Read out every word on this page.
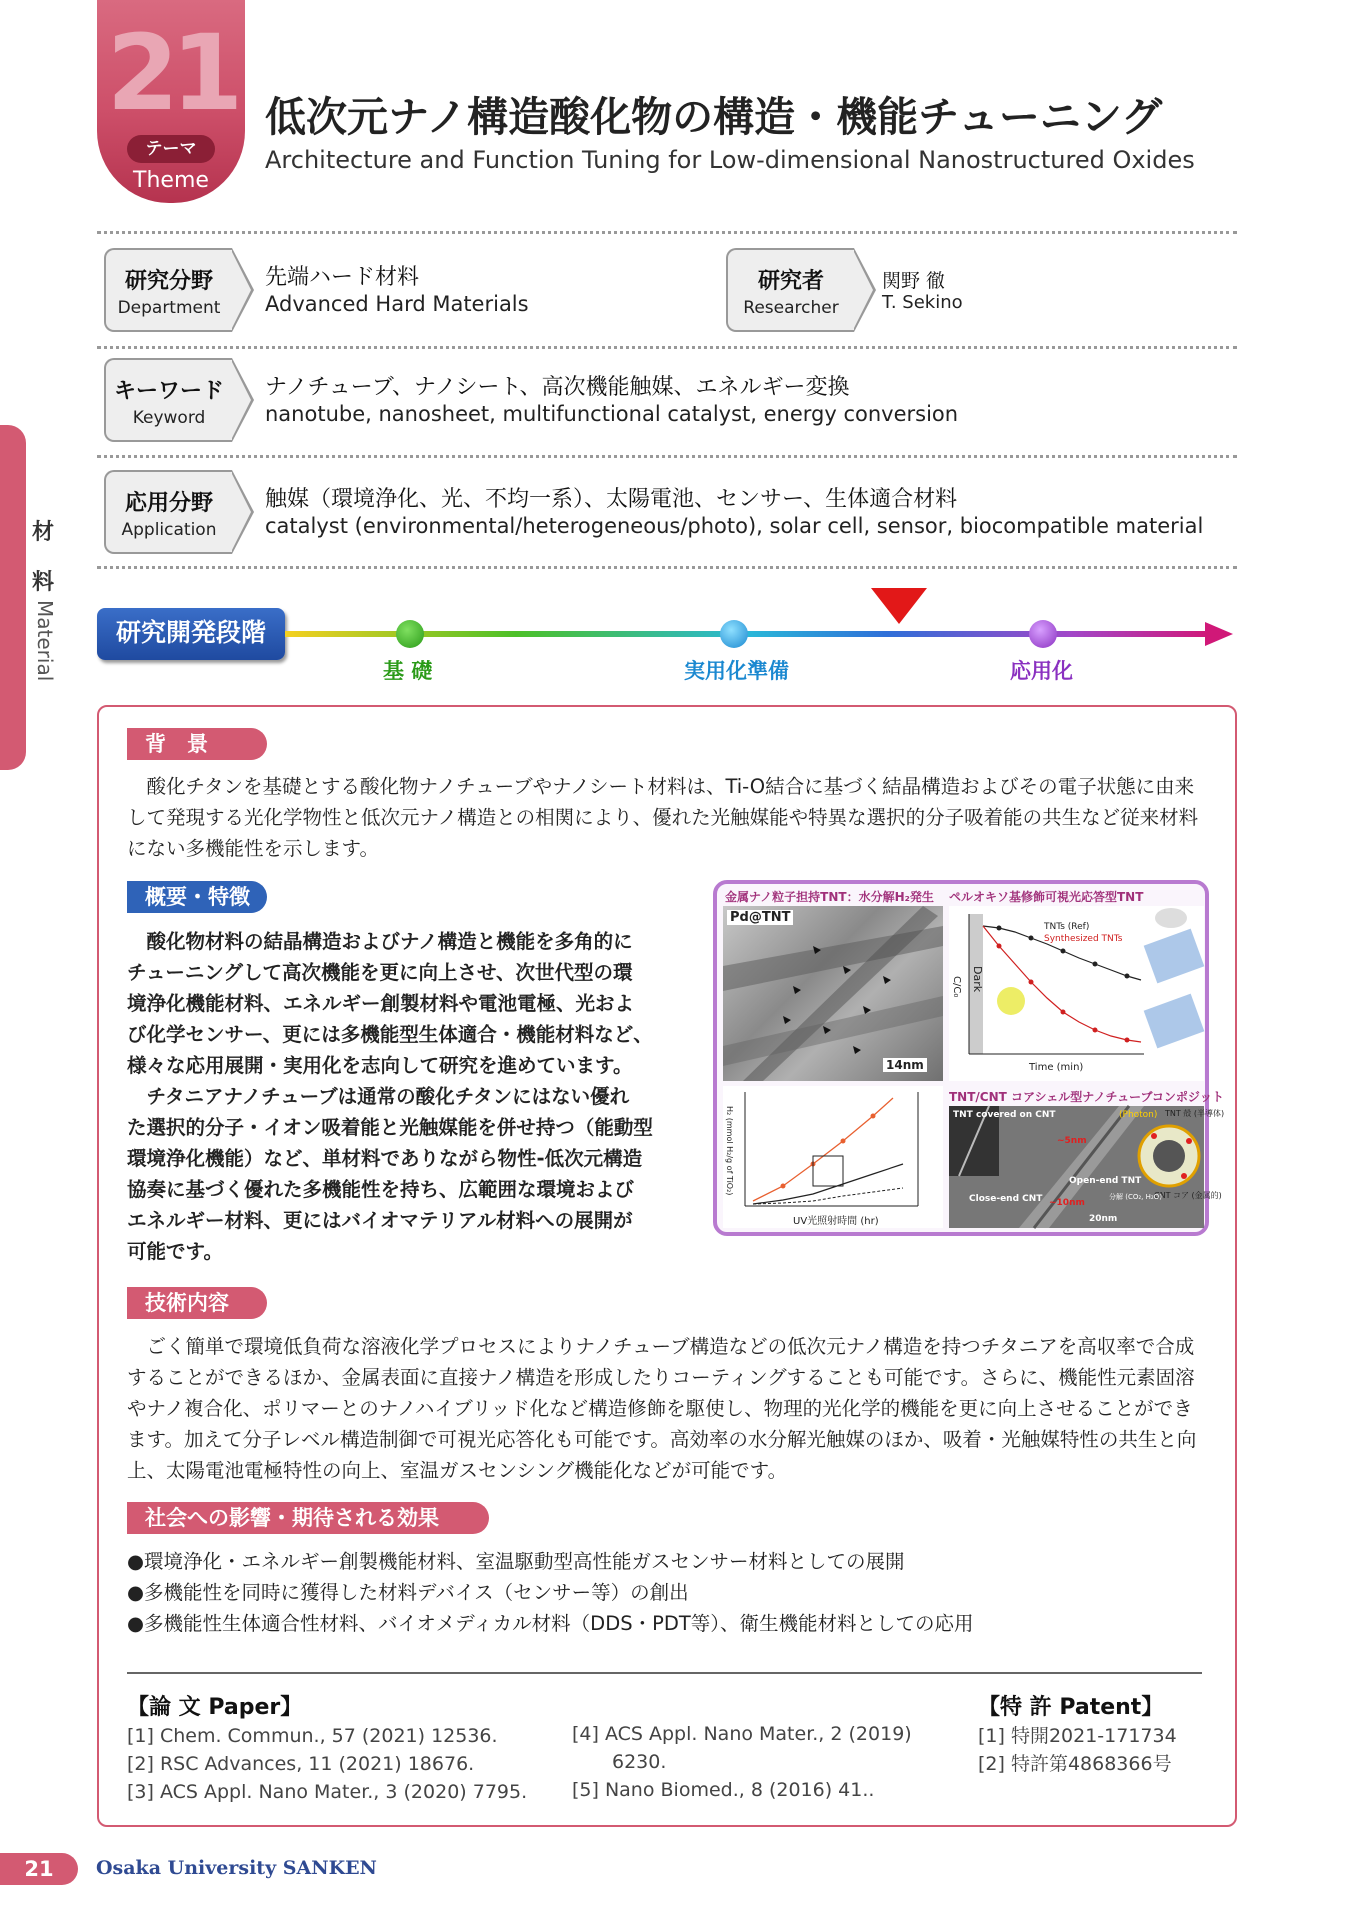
21
テーマ
Theme
低次元ナノ構造酸化物の構造・機能チューニング
Architecture and Function Tuning for Low-dimensional Nanostructured Oxides
研究分野
Department
先端ハード材料
Advanced Hard Materials
研究者
Researcher
関野 徹
T. Sekino
キーワード
Keyword
ナノチューブ、ナノシート、高次機能触媒、エネルギー変換
nanotube, nanosheet, multifunctional catalyst, energy conversion
応用分野
Application
触媒（環境浄化、光、不均一系）、太陽電池、センサー、生体適合材料
catalyst (environmental/heterogeneous/photo), solar cell, sensor, biocompatible material
材
料
Material	研究開発段階
基 礎	実用化準備	応用化
背　景
　酸化チタンを基礎とする酸化物ナノチューブやナノシート材料は、Ti-O結合に基づく結晶構造およびその電子状態に由来して発現する光化学物性と低次元ナノ構造との相関により、優れた光触媒能や特異な選択的分子吸着能の共生など従来材料にない多機能性を示します。
概要・特徴
　酸化物材料の結晶構造およびナノ構造と機能を多角的に
チューニングして高次機能を更に向上させ、次世代型の環
境浄化機能材料、エネルギー創製材料や電池電極、光およ
び化学センサー、更には多機能型生体適合・機能材料など、
様々な応用展開・実用化を志向して研究を進めています。
　チタニアナノチューブは通常の酸化チタンにはない優れ
た選択的分子・イオン吸着能と光触媒能を併せ持つ（能動型
環境浄化機能）など、単材料でありながら物性-低次元構造
協奏に基づく優れた多機能性を持ち、広範囲な環境および
エネルギー材料、更にはバイオマテリアル材料への展開が
可能です。
金属ナノ粒子担持TNT：水分解H₂発生
Pd@TNT
14nm
ペルオキソ基修飾可視光応答型TNT
TNTs (Ref)
Synthesized TNTs
Dark
C/C₀
Time (min)
H₂ (mmol H₂/g of TiO₂)
UV光照射時間 (hr)
TNT/CNT コアシェル型ナノチューブコンポジット
TNT covered on CNT
Open-end TNT
Close-end CNT
~5nm
~10nm
20nm
(Photon) TNT 殻 (半導体)
CNT コア (金属的)
分解 (CO₂, H₂O)
技術内容
　ごく簡単で環境低負荷な溶液化学プロセスによりナノチューブ構造などの低次元ナノ構造を持つチタニアを高収率で合成することができるほか、金属表面に直接ナノ構造を形成したりコーティングすることも可能です。さらに、機能性元素固溶やナノ複合化、ポリマーとのナノハイブリッド化など構造修飾を駆使し、物理的光化学的機能を更に向上させることができます。加えて分子レベル構造制御で可視光応答化も可能です。高効率の水分解光触媒のほか、吸着・光触媒特性の共生と向上、太陽電池電極特性の向上、室温ガスセンシング機能化などが可能です。
社会への影響・期待される効果
●環境浄化・エネルギー創製機能材料、室温駆動型高性能ガスセンサー材料としての展開
●多機能性を同時に獲得した材料デバイス（センサー等）の創出
●多機能性生体適合性材料、バイオメディカル材料（DDS・PDT等）、衛生機能材料としての応用
【論 文 Paper】
[1] Chem. Commun., 57 (2021) 12536.
[2] RSC Advances, 11 (2021) 18676.
[3] ACS Appl. Nano Mater., 3 (2020) 7795.
[4] ACS Appl. Nano Mater., 2 (2019)
6230.
[5] Nano Biomed., 8 (2016) 41..
【特 許 Patent】
[1] 特開2021-171734
[2] 特許第4868366号
21	Osaka University SANKEN
